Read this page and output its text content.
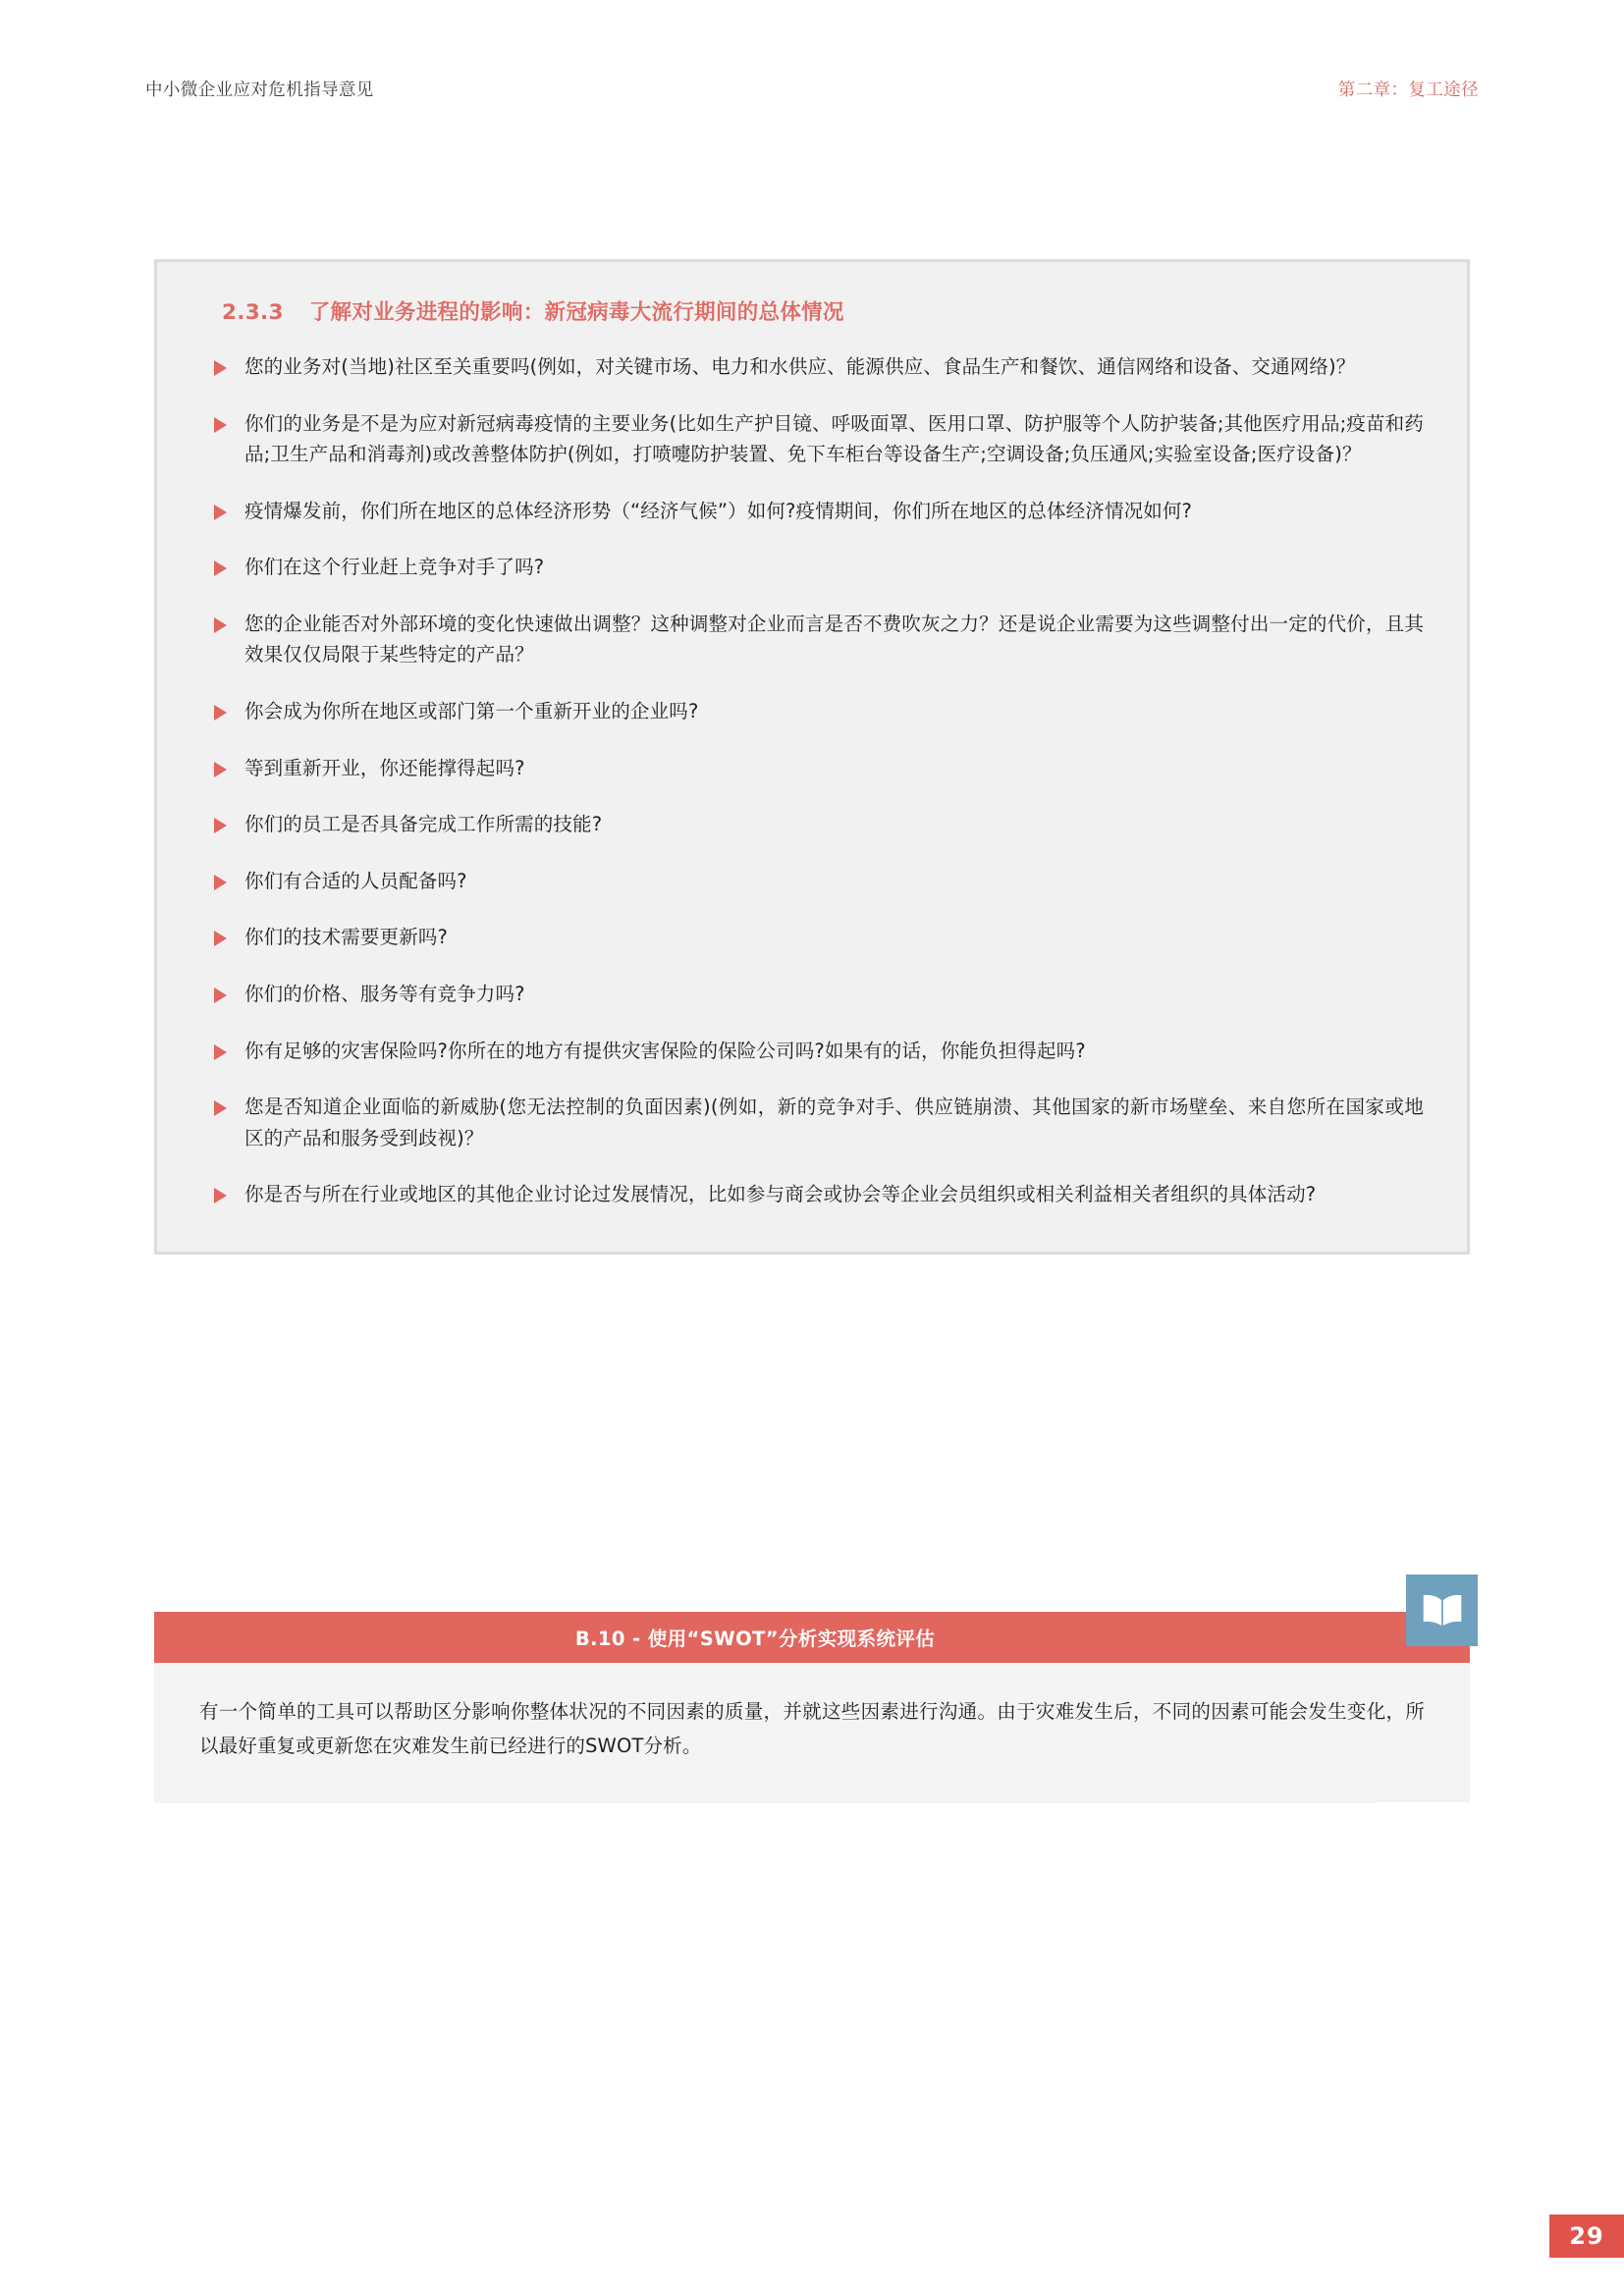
中小微企业应对危机指导意见	第二章：复工途径
2.3.3 了解对业务进程的影响：新冠病毒大流行期间的总体情况
您的业务对(当地)社区至关重要吗(例如，对关键市场、电力和水供应、能源供应、食品生产和餐饮、通信网络和设备、交通网络)？
你们的业务是不是为应对新冠病毒疫情的主要业务(比如生产护目镜、呼吸面罩、医用口罩、防护服等个人防护装备;其他医疗用品;疫苗和药品;卫生产品和消毒剂)或改善整体防护(例如，打喷嚏防护装置、免下车柜台等设备生产;空调设备;负压通风;实验室设备;医疗设备)？
疫情爆发前，你们所在地区的总体经济形势（“经济气候”）如何?疫情期间，你们所在地区的总体经济情况如何?
你们在这个行业赶上竞争对手了吗?
您的企业能否对外部环境的变化快速做出调整？这种调整对企业而言是否不费吹灰之力？还是说企业需要为这些调整付出一定的代价，且其效果仅仅局限于某些特定的产品？
你会成为你所在地区或部门第一个重新开业的企业吗?
等到重新开业，你还能撑得起吗?
你们的员工是否具备完成工作所需的技能?
你们有合适的人员配备吗?
你们的技术需要更新吗?
你们的价格、服务等有竞争力吗?
你有足够的灾害保险吗?你所在的地方有提供灾害保险的保险公司吗?如果有的话，你能负担得起吗?
您是否知道企业面临的新威胁(您无法控制的负面因素)(例如，新的竞争对手、供应链崩溃、其他国家的新市场壁垒、来自您所在国家或地区的产品和服务受到歧视)？
你是否与所在行业或地区的其他企业讨论过发展情况，比如参与商会或协会等企业会员组织或相关利益相关者组织的具体活动?
B.10 - 使用“SWOT”分析实现系统评估

有一个简单的工具可以帮助区分影响你整体状况的不同因素的质量，并就这些因素进行沟通。由于灾难发生后，不同的因素可能会发生变化，所以最好重复或更新您在灾难发生前已经进行的SWOT分析。

29
